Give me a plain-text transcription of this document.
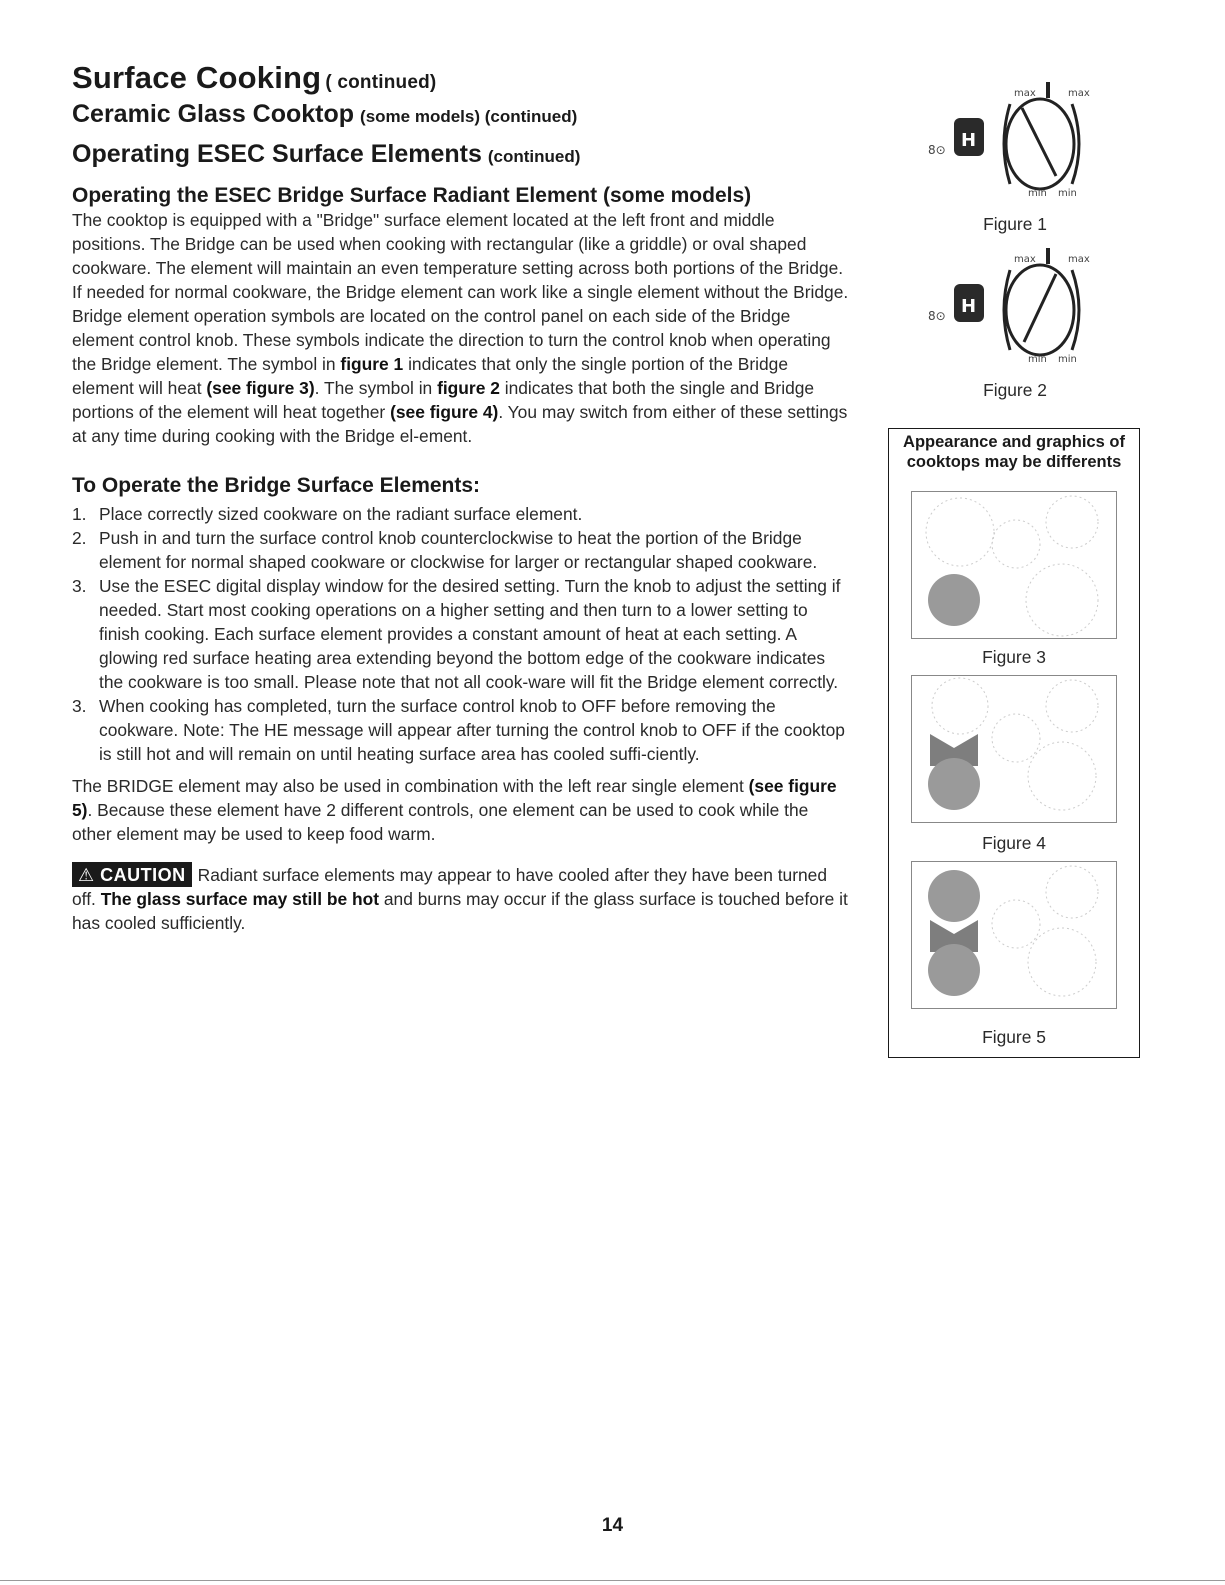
Surface Cooking ( continued)
Ceramic Glass Cooktop (some models) (continued)
Operating ESEC Surface Elements (continued)
Operating the ESEC Bridge Surface Radiant Element (some models)

The cooktop is equipped with a "Bridge" surface element located at the left front and middle positions. The Bridge can be used when cooking with rectangular (like a griddle) or oval shaped cookware. The element will maintain an even temperature setting across both portions of the Bridge. If needed for normal cookware, the Bridge element can work like a single element without the Bridge.

Bridge element operation symbols are located on the control panel on each side of the Bridge element control knob. These symbols indicate the direction to turn the control knob when operating the Bridge element. The symbol in figure 1 indicates that only the single portion of the Bridge element will heat (see figure 3). The symbol in figure 2 indicates that both the single and Bridge portions of the element will heat together (see figure 4). You may switch from either of these settings at any time during cooking with the Bridge el-ement.

To Operate the Bridge Surface Elements:
1. Place correctly sized cookware on the radiant surface element.
2. Push in and turn the surface control knob counterclockwise to heat the portion of the Bridge element for normal shaped cookware or clockwise for larger or rectangular shaped cookware.
3. Use the ESEC digital display window for the desired setting. Turn the knob to adjust the setting if needed. Start most cooking operations on a higher setting and then turn to a lower setting to finish cooking. Each surface element provides a constant amount of heat at each setting. A glowing red surface heating area extending beyond the bottom edge of the cookware indicates the cookware is too small. Please note that not all cook-ware will fit the Bridge element correctly.
3. When cooking has completed, turn the surface control knob to OFF before removing the cookware. Note: The HE message will appear after turning the control knob to OFF if the cooktop is still hot and will remain on until heating surface area has cooled suffi-ciently.

The BRIDGE element may also be used in combination with the left rear single element (see figure 5). Because these element have 2 different controls, one element can be used to cook while the other element may be used to keep food warm.

⚠ CAUTION Radiant surface elements may appear to have cooled after they have been turned off. The glass surface may still be hot and burns may occur if the glass surface is touched before it has cooled sufficiently.

8⊙ H
max	max
min min
Figure 1
8⊙ H
max	max
min min
Figure 2
Appearance and graphics of cooktops may be differents
Figure 3
Figure 4
Figure 5
14
